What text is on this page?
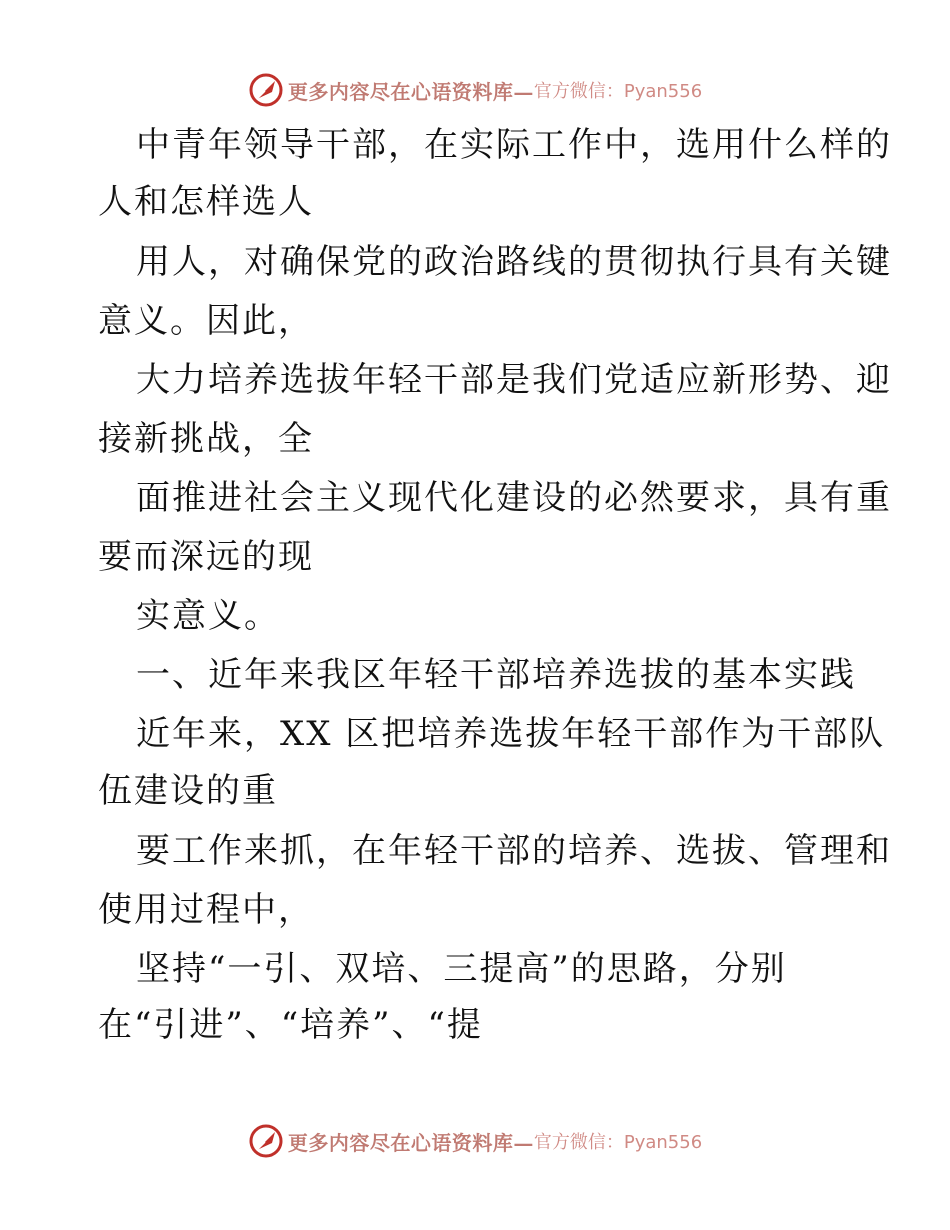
更多内容尽在心语资料库— 官方微信：Pyan556
中青年领导干部，在实际工作中，选用什么样的
人和怎样选人
用人，对确保党的政治路线的贯彻执行具有关键
意义。因此，
大力培养选拔年轻干部是我们党适应新形势、迎
接新挑战，全
面推进社会主义现代化建设的必然要求，具有重
要而深远的现
实意义。
一、近年来我区年轻干部培养选拔的基本实践
近年来，XX 区把培养选拔年轻干部作为干部队
伍建设的重
要工作来抓，在年轻干部的培养、选拔、管理和
使用过程中，
坚持“一引、双培、三提高”的思路，分别
在“引进”、“培养”、“提
更多内容尽在心语资料库— 官方微信：Pyan556
